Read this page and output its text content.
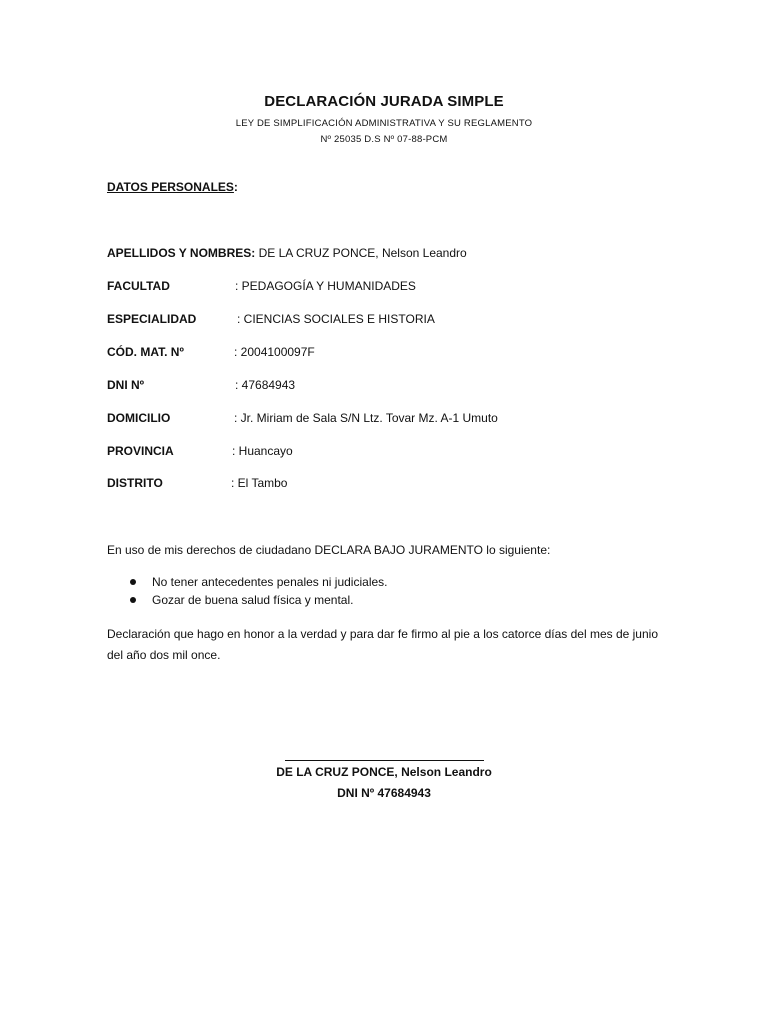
DECLARACIÓN JURADA SIMPLE
LEY DE SIMPLIFICACIÓN ADMINISTRATIVA Y SU REGLAMENTO
Nº 25035 D.S Nº 07-88-PCM
DATOS PERSONALES:
APELLIDOS Y NOMBRES: DE LA CRUZ PONCE, Nelson Leandro
FACULTAD	: PEDAGOGÍA Y HUMANIDADES
ESPECIALIDAD	: CIENCIAS SOCIALES E HISTORIA
CÓD. MAT. Nº	: 2004100097F
DNI Nº	: 47684943
DOMICILIO	: Jr. Miriam de Sala S/N Ltz. Tovar Mz. A-1 Umuto
PROVINCIA	: Huancayo
DISTRITO	: El Tambo
En uso de mis derechos de ciudadano DECLARA BAJO JURAMENTO lo siguiente:
No tener antecedentes penales ni judiciales.
Gozar de buena salud física y mental.
Declaración que hago en honor a la verdad y para dar fe firmo al pie a los catorce días del mes de junio del año dos mil once.
DE LA CRUZ PONCE, Nelson Leandro
DNI Nº 47684943
